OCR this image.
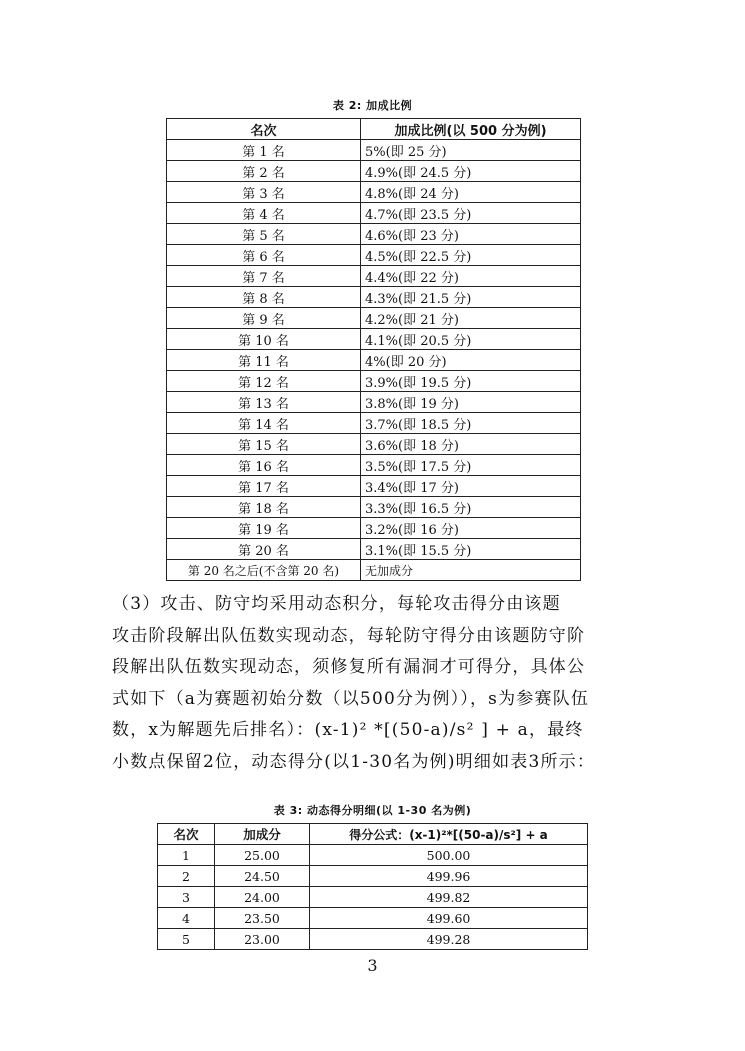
表 2: 加成比例
名次	加成比例(以 500 分为例)
第 1 名	5%(即 25 分)
第 2 名	4.9%(即 24.5 分)
第 3 名	4.8%(即 24 分)
第 4 名	4.7%(即 23.5 分)
第 5 名	4.6%(即 23 分)
第 6 名	4.5%(即 22.5 分)
第 7 名	4.4%(即 22 分)
第 8 名	4.3%(即 21.5 分)
第 9 名	4.2%(即 21 分)
第 10 名	4.1%(即 20.5 分)
第 11 名	4%(即 20 分)
第 12 名	3.9%(即 19.5 分)
第 13 名	3.8%(即 19 分)
第 14 名	3.7%(即 18.5 分)
第 15 名	3.6%(即 18 分)
第 16 名	3.5%(即 17.5 分)
第 17 名	3.4%(即 17 分)
第 18 名	3.3%(即 16.5 分)
第 19 名	3.2%(即 16 分)
第 20 名	3.1%(即 15.5 分)
第 20 名之后(不含第 20 名)	无加成分

（3）攻击、防守均采用动态积分，每轮攻击得分由该题

攻击阶段解出队伍数实现动态，每轮防守得分由该题防守阶

段解出队伍数实现动态，须修复所有漏洞才可得分，具体公

式如下（a为赛题初始分数（以500分为例）），s为参赛队伍

数，x为解题先后排名）：(x-1)² *[(50-a)/s² ] + a，最终

小数点保留2位，动态得分(以1-30名为例)明细如表3所示：

表 3: 动态得分明细(以 1-30 名为例)
名次	加成分	得分公式：(x-1)²*[(50-a)/s²] + a
1	25.00	500.00
2	24.50	499.96
3	24.00	499.82
4	23.50	499.60
5	23.00	499.28
3
